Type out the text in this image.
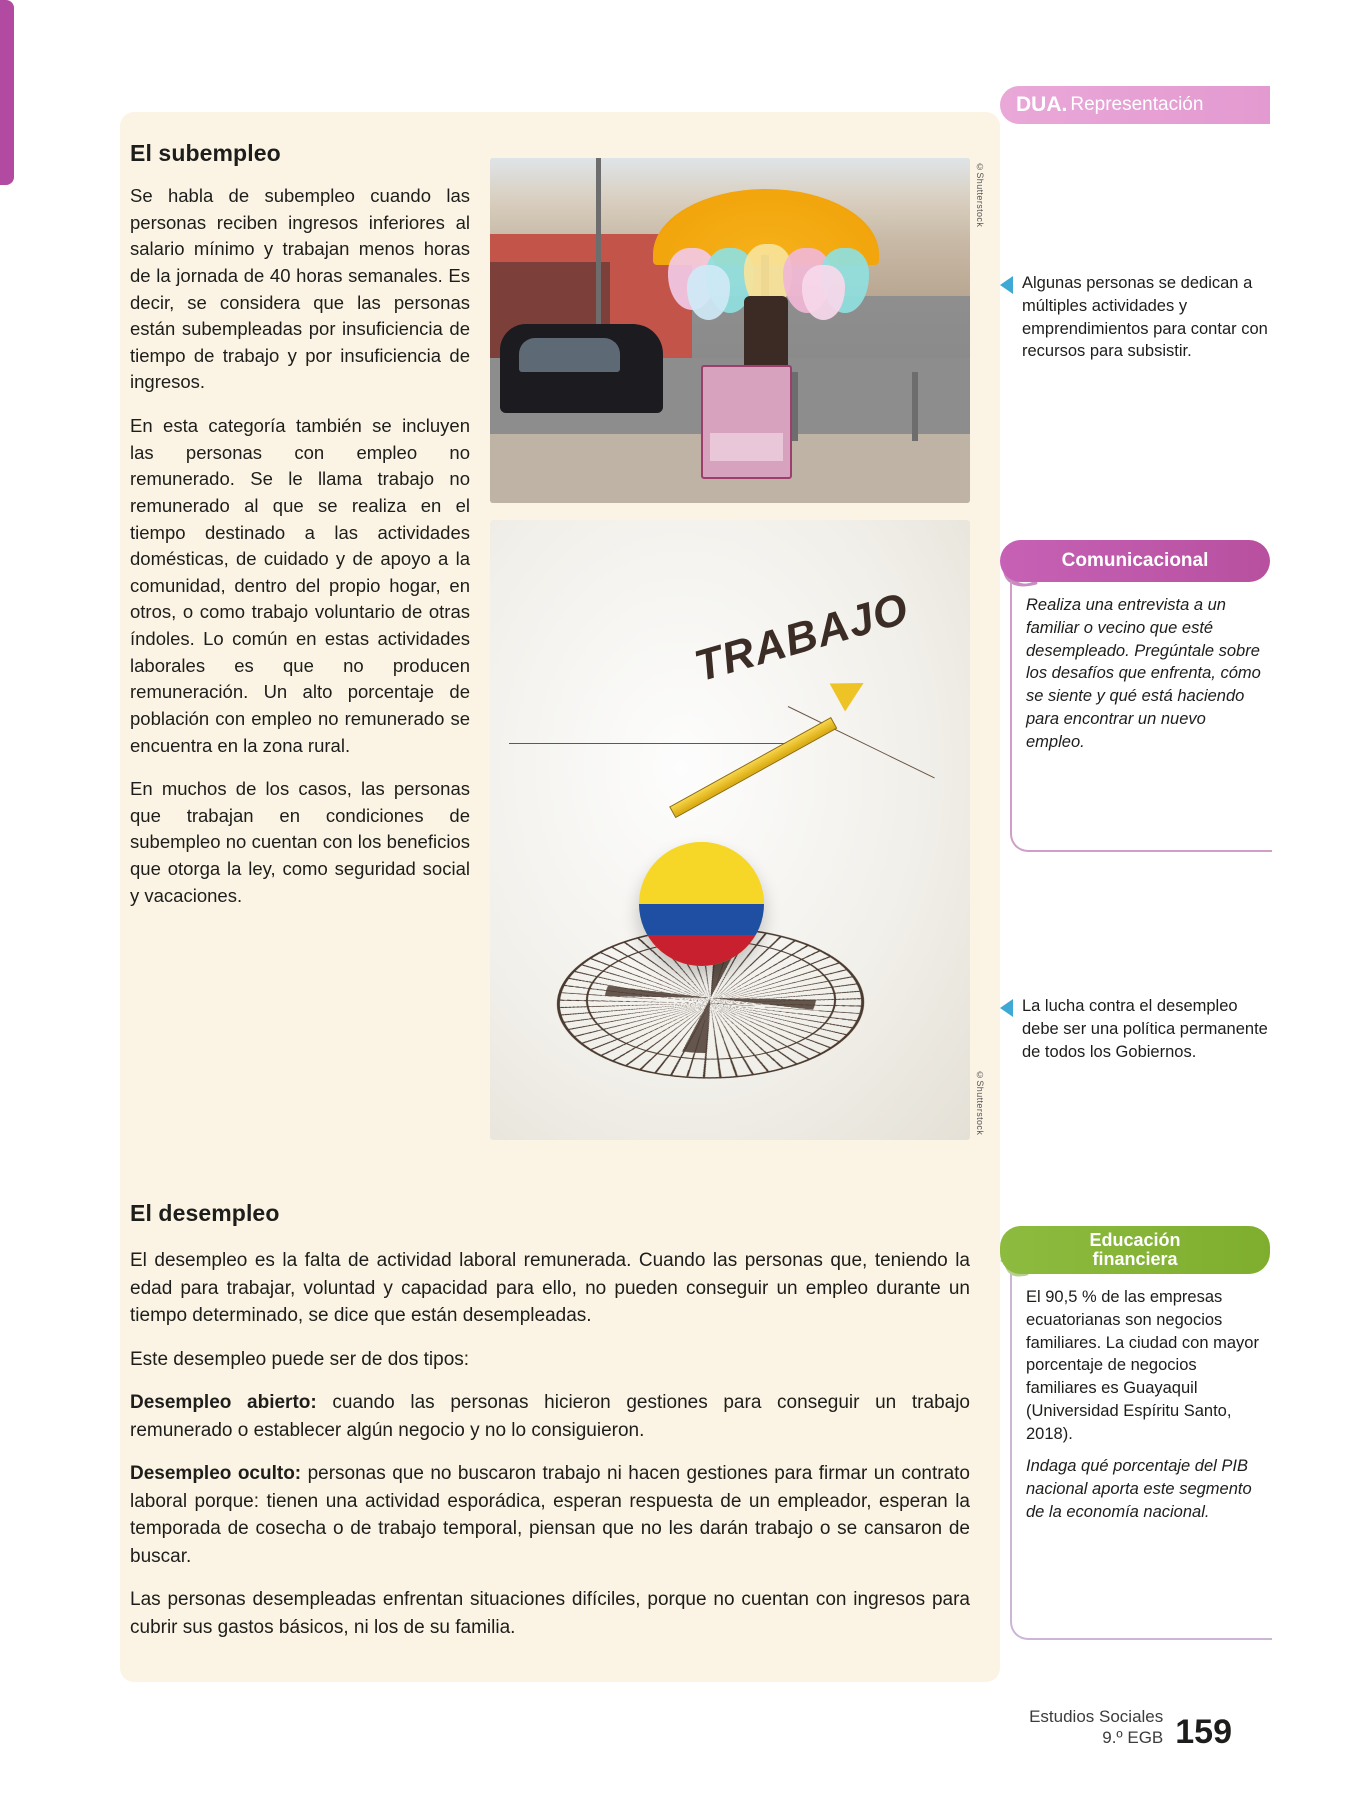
DUA. Representación
El subempleo

Se habla de subempleo cuando las personas reciben ingresos inferiores al salario mínimo y trabajan menos horas de la jornada de 40 horas semanales. Es decir, se considera que las personas están subempleadas por insuficiencia de tiempo de trabajo y por insuficiencia de ingresos.

En esta categoría también se incluyen las personas con empleo no remunerado. Se le llama trabajo no remunerado al que se realiza en el tiempo destinado a las actividades domésticas, de cuidado y de apoyo a la comunidad, dentro del propio hogar, en otros, o como trabajo voluntario de otras índoles. Lo común en estas actividades laborales es que no producen remuneración. Un alto porcentaje de población con empleo no remunerado se encuentra en la zona rural.

En muchos de los casos, las personas que trabajan en condiciones de subempleo no cuentan con los beneficios que otorga la ley, como seguridad social y vacaciones.

©Shutterstock
TRABAJO
©Shutterstock

Algunas personas se dedican a múltiples actividades y emprendimientos para contar con recursos para subsistir.

Comunicacional

Realiza una entrevista a un familiar o vecino que esté desempleado. Pregúntale sobre los desafíos que enfrenta, cómo se siente y qué está haciendo para encontrar un nuevo empleo.

La lucha contra el desempleo debe ser una política permanente de todos los Gobiernos.

Educación
financiera

El 90,5 % de las empresas ecuatorianas son negocios familiares. La ciudad con mayor porcentaje de negocios familiares es Guayaquil (Universidad Espíritu Santo, 2018).

Indaga qué porcentaje del PIB nacional aporta este segmento de la economía nacional.

El desempleo

El desempleo es la falta de actividad laboral remunerada. Cuando las personas que, teniendo la edad para trabajar, voluntad y capacidad para ello, no pueden conseguir un empleo durante un tiempo determinado, se dice que están desempleadas.

Este desempleo puede ser de dos tipos:

Desempleo abierto: cuando las personas hicieron gestiones para conseguir un trabajo remunerado o establecer algún negocio y no lo consiguieron.

Desempleo oculto: personas que no buscaron trabajo ni hacen gestiones para firmar un contrato laboral porque: tienen una actividad esporádica, esperan respuesta de un empleador, esperan la temporada de cosecha o de trabajo temporal, piensan que no les darán trabajo o se cansaron de buscar.

Las personas desempleadas enfrentan situaciones difíciles, porque no cuentan con ingresos para cubrir sus gastos básicos, ni los de su familia.

Estudios Sociales
9.º EGB 159
